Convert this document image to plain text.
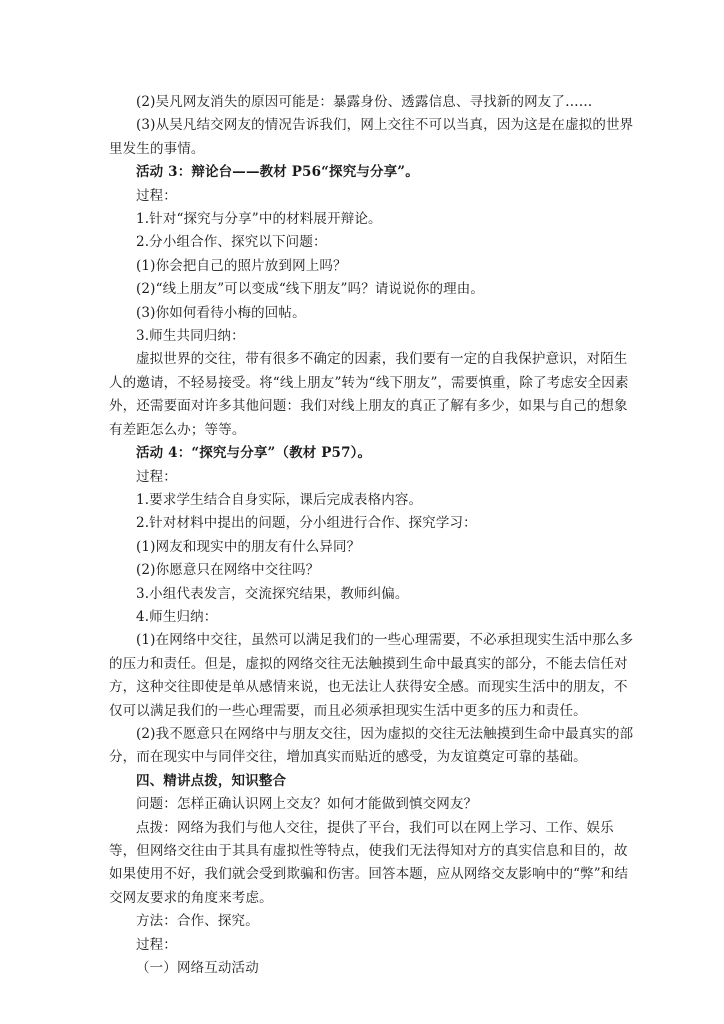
(2)吴凡网友消失的原因可能是：暴露身份、透露信息、寻找新的网友了……

(3)从吴凡结交网友的情况告诉我们，网上交往不可以当真，因为这是在虚拟的世界里发生的事情。

活动 3：辩论台——教材 P56“探究与分享”。

过程：

1.针对“探究与分享”中的材料展开辩论。

2.分小组合作、探究以下问题：

(1)你会把自己的照片放到网上吗？

(2)“线上朋友”可以变成“线下朋友”吗？请说说你的理由。

(3)你如何看待小梅的回帖。

3.师生共同归纳：

虚拟世界的交往，带有很多不确定的因素，我们要有一定的自我保护意识，对陌生人的邀请，不轻易接受。将“线上朋友”转为“线下朋友”，需要慎重，除了考虑安全因素外，还需要面对许多其他问题：我们对线上朋友的真正了解有多少，如果与自己的想象有差距怎么办；等等。

活动 4：“探究与分享”（教材 P57）。

过程：

1.要求学生结合自身实际，课后完成表格内容。

2.针对材料中提出的问题，分小组进行合作、探究学习：

(1)网友和现实中的朋友有什么异同？

(2)你愿意只在网络中交往吗？

3.小组代表发言，交流探究结果，教师纠偏。

4.师生归纳：

(1)在网络中交往，虽然可以满足我们的一些心理需要，不必承担现实生活中那么多的压力和责任。但是，虚拟的网络交往无法触摸到生命中最真实的部分，不能去信任对方，这种交往即使是单从感情来说，也无法让人获得安全感。而现实生活中的朋友，不仅可以满足我们的一些心理需要，而且必须承担现实生活中更多的压力和责任。

(2)我不愿意只在网络中与朋友交往，因为虚拟的交往无法触摸到生命中最真实的部分，而在现实中与同伴交往，增加真实而贴近的感受，为友谊奠定可靠的基础。

四、精讲点拨，知识整合

问题：怎样正确认识网上交友？如何才能做到慎交网友？

点拨：网络为我们与他人交往，提供了平台，我们可以在网上学习、工作、娱乐等，但网络交往由于其具有虚拟性等特点，使我们无法得知对方的真实信息和目的，故如果使用不好，我们就会受到欺骗和伤害。回答本题，应从网络交友影响中的“弊”和结交网友要求的角度来考虑。

方法：合作、探究。

过程：

（一）网络互动活动
